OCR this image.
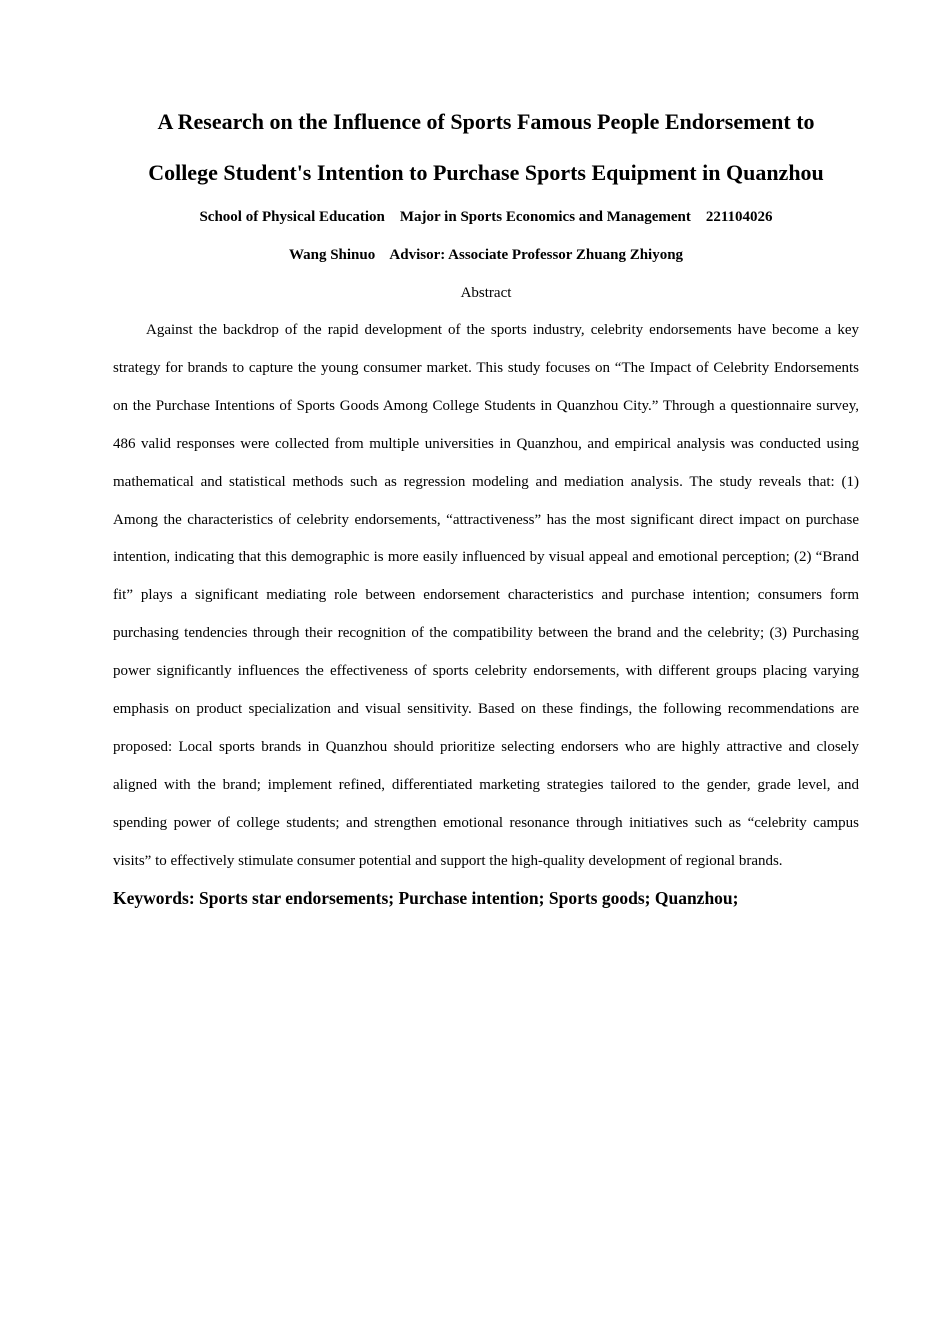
A Research on the Influence of Sports Famous People Endorsement to
College Student's Intention to Purchase Sports Equipment in Quanzhou

School of Physical Education    Major in Sports Economics and Management    221104026

Wang Shinuo    Advisor: Associate Professor Zhuang Zhiyong

Abstract

Against the backdrop of the rapid development of the sports industry, celebrity endorsements have become a key strategy for brands to capture the young consumer market. This study focuses on “The Impact of Celebrity Endorsements on the Purchase Intentions of Sports Goods Among College Students in Quanzhou City.” Through a questionnaire survey, 486 valid responses were collected from multiple universities in Quanzhou, and empirical analysis was conducted using mathematical and statistical methods such as regression modeling and mediation analysis. The study reveals that: (1) Among the characteristics of celebrity endorsements, “attractiveness” has the most significant direct impact on purchase intention, indicating that this demographic is more easily influenced by visual appeal and emotional perception; (2) “Brand fit” plays a significant mediating role between endorsement characteristics and purchase intention; consumers form purchasing tendencies through their recognition of the compatibility between the brand and the celebrity; (3) Purchasing power significantly influences the effectiveness of sports celebrity endorsements, with different groups placing varying emphasis on product specialization and visual sensitivity. Based on these findings, the following recommendations are proposed: Local sports brands in Quanzhou should prioritize selecting endorsers who are highly attractive and closely aligned with the brand; implement refined, differentiated marketing strategies tailored to the gender, grade level, and spending power of college students; and strengthen emotional resonance through initiatives such as “celebrity campus visits” to effectively stimulate consumer potential and support the high-quality development of regional brands.

Keywords: Sports star endorsements; Purchase intention; Sports goods; Quanzhou;
